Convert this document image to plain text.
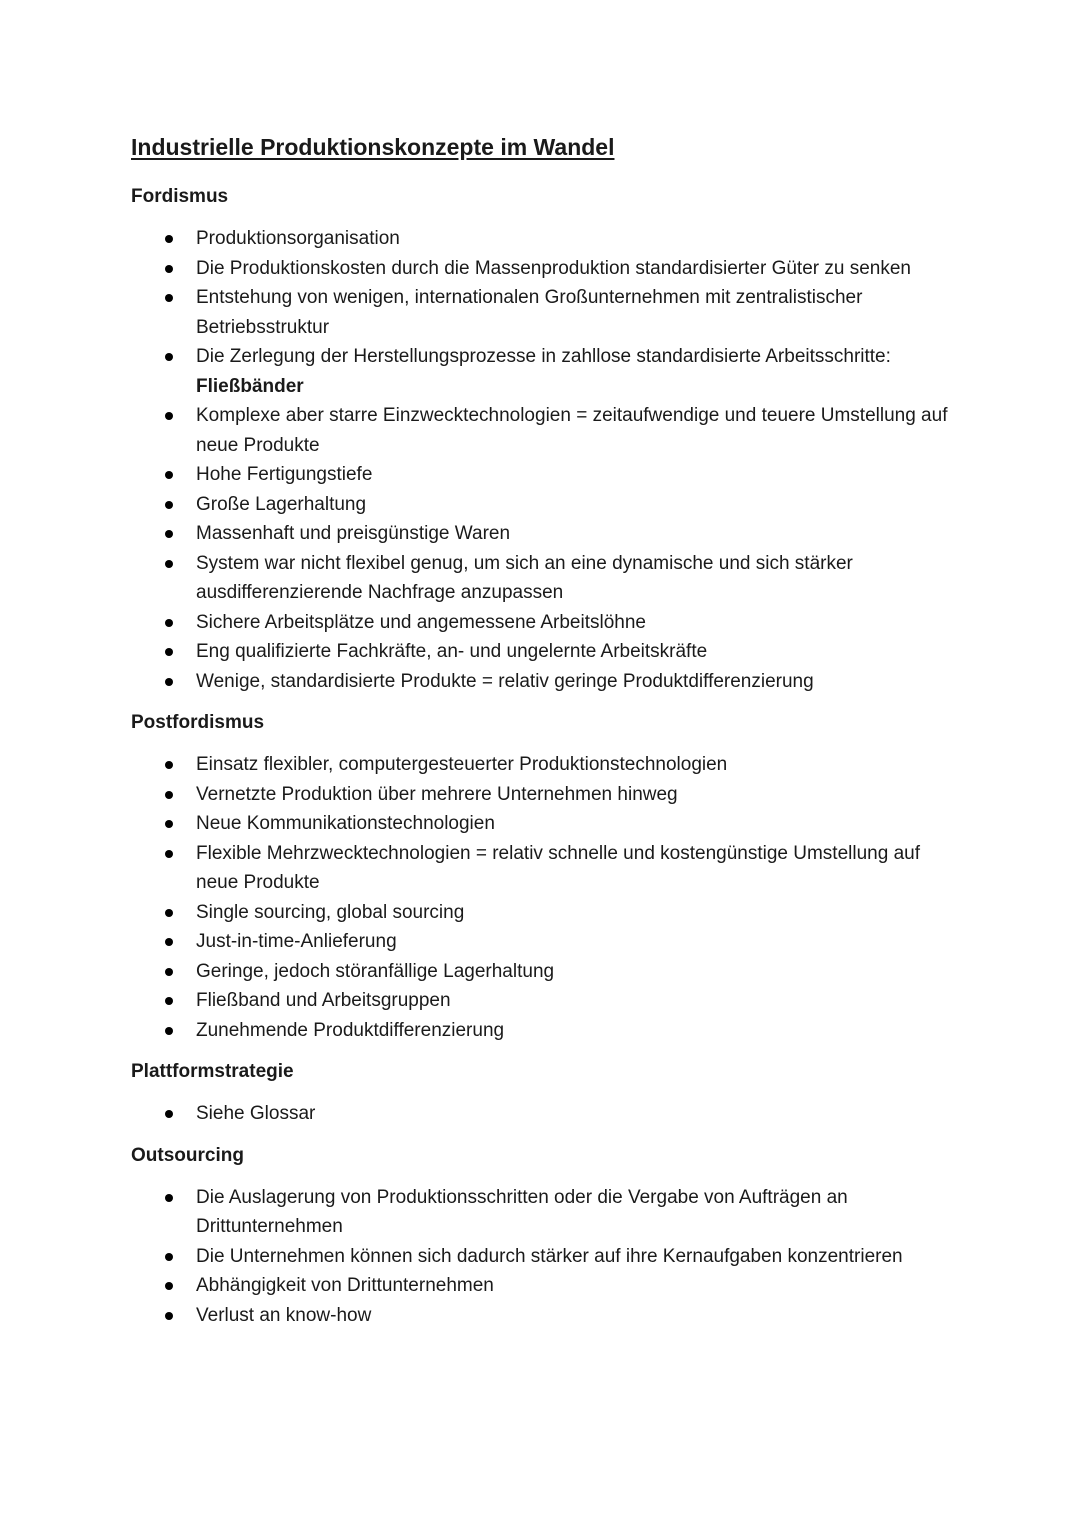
Industrielle Produktionskonzepte im Wandel
Fordismus
Produktionsorganisation
Die Produktionskosten durch die Massenproduktion standardisierter Güter zu senken
Entstehung von wenigen, internationalen Großunternehmen mit zentralistischer Betriebsstruktur
Die Zerlegung der Herstellungsprozesse in zahllose standardisierte Arbeitsschritte:
Fließbänder
Komplexe aber starre Einzwecktechnologien = zeitaufwendige und teuere Umstellung auf neue Produkte
Hohe Fertigungstiefe
Große Lagerhaltung
Massenhaft und preisgünstige Waren
System war nicht flexibel genug, um sich an eine dynamische und sich stärker ausdifferenzierende Nachfrage anzupassen
Sichere Arbeitsplätze und angemessene Arbeitslöhne
Eng qualifizierte Fachkräfte, an- und ungelernte Arbeitskräfte
Wenige, standardisierte Produkte = relativ geringe Produktdifferenzierung
Postfordismus
Einsatz flexibler, computergesteuerter Produktionstechnologien
Vernetzte Produktion über mehrere Unternehmen hinweg
Neue Kommunikationstechnologien
Flexible Mehrzwecktechnologien = relativ schnelle und kostengünstige Umstellung auf neue Produkte
Single sourcing, global sourcing
Just-in-time-Anlieferung
Geringe, jedoch störanfällige Lagerhaltung
Fließband und Arbeitsgruppen
Zunehmende Produktdifferenzierung
Plattformstrategie
Siehe Glossar
Outsourcing
Die Auslagerung von Produktionsschritten oder die Vergabe von Aufträgen an Drittunternehmen
Die Unternehmen können sich dadurch stärker auf ihre Kernaufgaben konzentrieren
Abhängigkeit von Drittunternehmen
Verlust an know-how
